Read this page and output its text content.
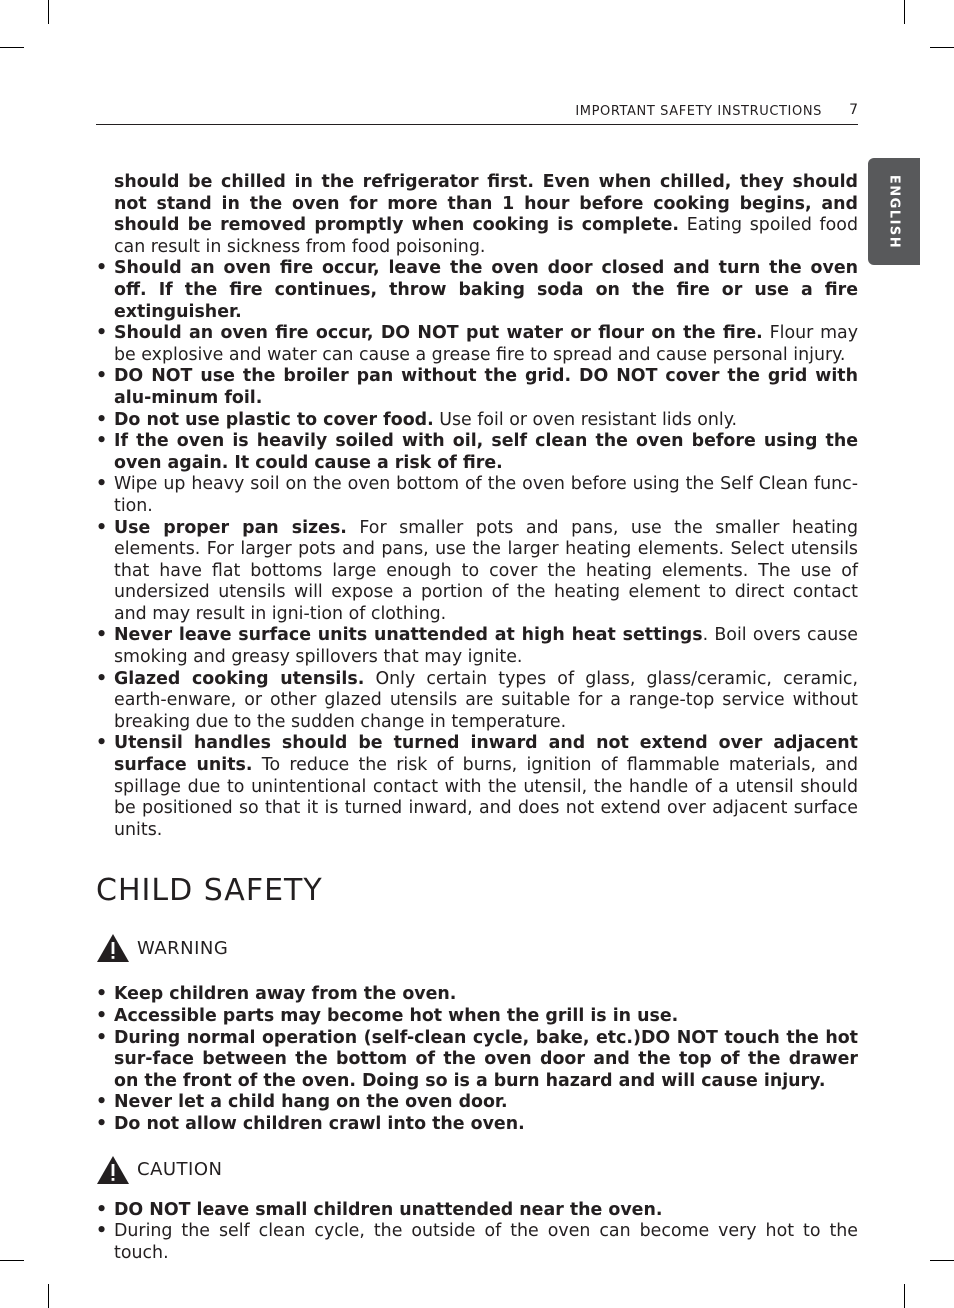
IMPORTANT SAFETY INSTRUCTIONS 7
ENGLISH

should be chilled in the refrigerator first. Even when chilled, they should not stand in the oven for more than 1 hour before cooking begins, and should be removed promptly when cooking is complete. Eating spoiled food can result in sickness from food poisoning.

• Should an oven fire occur, leave the oven door closed and turn the oven off. If the fire continues, throw baking soda on the fire or use a fire extinguisher.
• Should an oven fire occur, DO NOT put water or flour on the fire. Flour may be explosive and water can cause a grease fire to spread and cause personal injury.
• DO NOT use the broiler pan without the grid. DO NOT cover the grid with alu-minum foil.
• Do not use plastic to cover food. Use foil or oven resistant lids only.
• If the oven is heavily soiled with oil, self clean the oven before using the oven again. It could cause a risk of fire.
• Wipe up heavy soil on the oven bottom of the oven before using the Self Clean func-tion.
• Use proper pan sizes. For smaller pots and pans, use the smaller heating elements. For larger pots and pans, use the larger heating elements. Select utensils that have flat bottoms large enough to cover the heating elements. The use of undersized utensils will expose a portion of the heating element to direct contact and may result in igni-tion of clothing.
• Never leave surface units unattended at high heat settings. Boil overs cause smoking and greasy spillovers that may ignite.
• Glazed cooking utensils. Only certain types of glass, glass/ceramic, ceramic, earth-enware, or other glazed utensils are suitable for a range-top service without breaking due to the sudden change in temperature.
• Utensil handles should be turned inward and not extend over adjacent surface units. To reduce the risk of burns, ignition of flammable materials, and spillage due to unintentional contact with the utensil, the handle of a utensil should be positioned so that it is turned inward, and does not extend over adjacent surface units.
CHILD SAFETY
WARNING
• Keep children away from the oven.
• Accessible parts may become hot when the grill is in use.
• During normal operation (self-clean cycle, bake, etc.)DO NOT touch the hot sur-face between the bottom of the oven door and the top of the drawer on the front of the oven. Doing so is a burn hazard and will cause injury.
• Never let a child hang on the oven door.
• Do not allow children crawl into the oven.
CAUTION
• DO NOT leave small children unattended near the oven.
• During the self clean cycle, the outside of the oven can become very hot to the touch.
